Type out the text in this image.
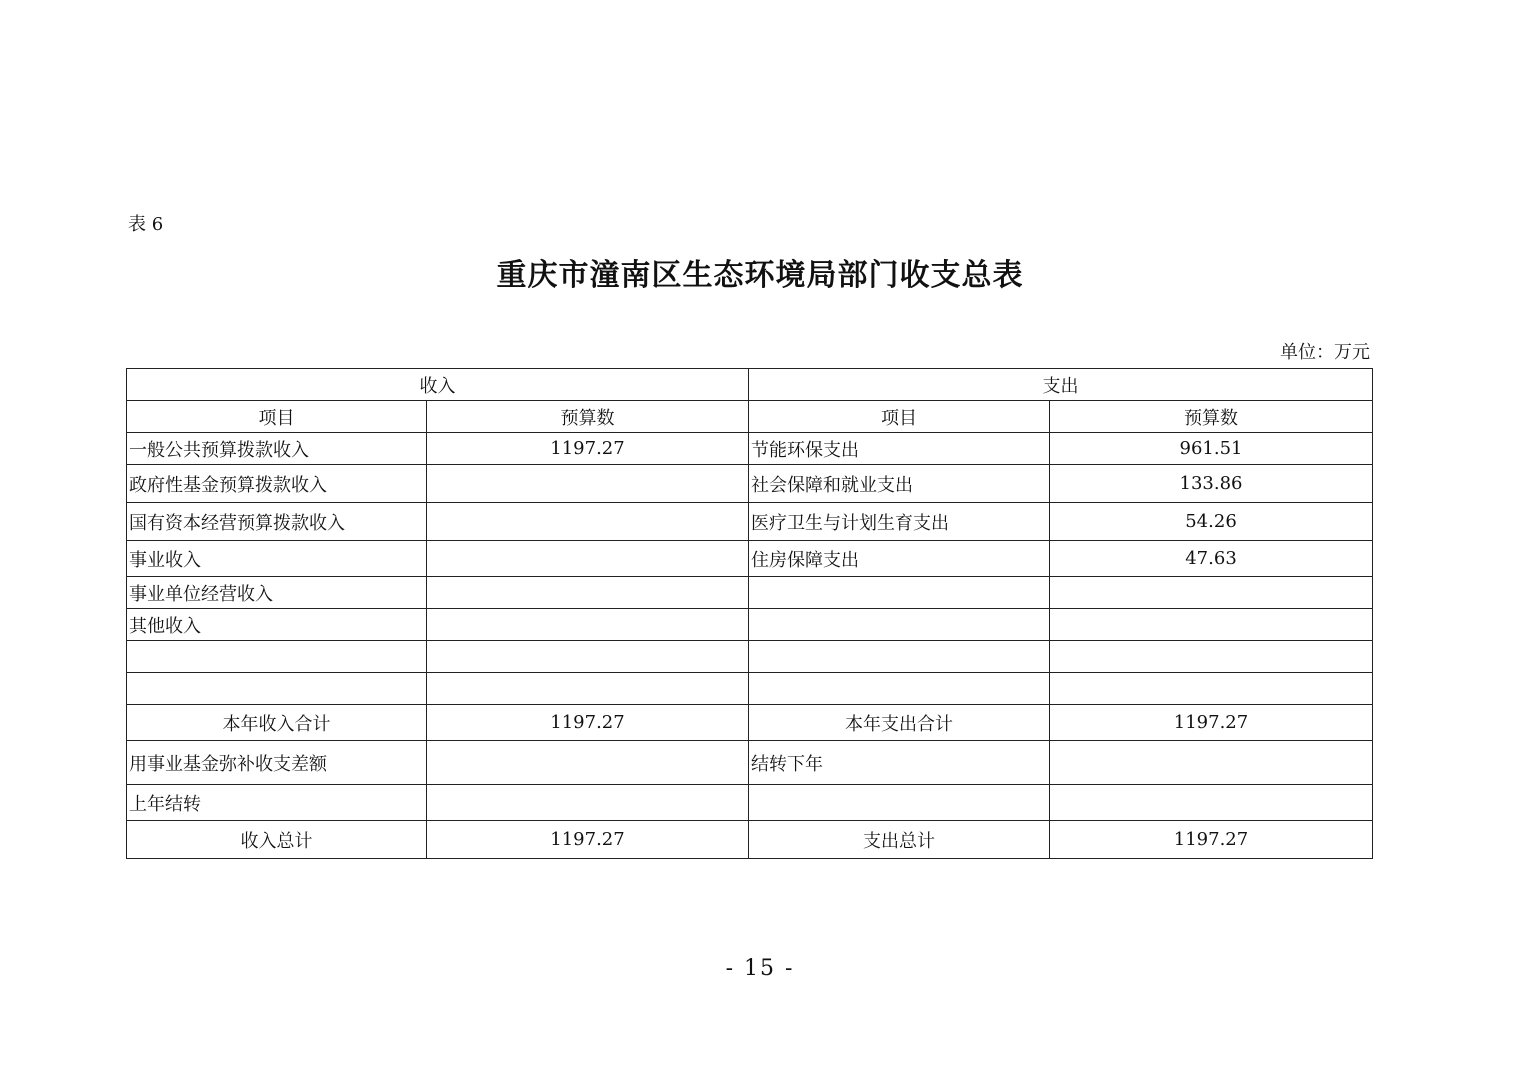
表 6
重庆市潼南区生态环境局部门收支总表
单位：万元
收入		支出	
项目	预算数	项目	预算数
一般公共预算拨款收入	1197.27	节能环保支出	961.51
政府性基金预算拨款收入		社会保障和就业支出	133.86
国有资本经营预算拨款收入		医疗卫生与计划生育支出	54.26
事业收入		住房保障支出	47.63
事业单位经营收入			
其他收入			

本年收入合计	1197.27	本年支出合计	1197.27
用事业基金弥补收支差额		结转下年	
上年结转			
收入总计	1197.27	支出总计	1197.27
- 15 -
